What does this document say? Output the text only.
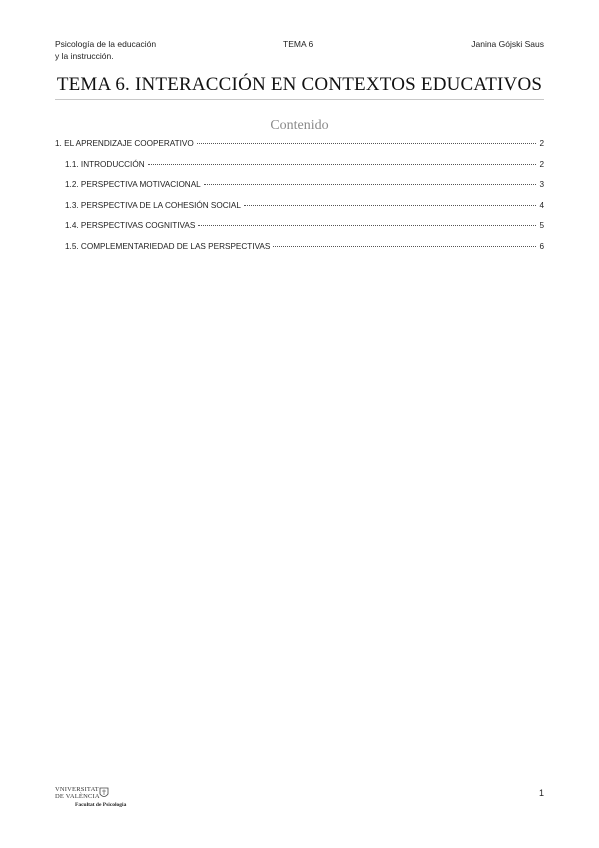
Psicología de la educación
y la instrucción.
TEMA 6	Janina Gójski Saus
TEMA 6. INTERACCIÓN EN CONTEXTOS EDUCATIVOS
Contenido
1. EL APRENDIZAJE COOPERATIVO	2
1.1. INTRODUCCIÓN	2
1.2. PERSPECTIVA MOTIVACIONAL	3
1.3. PERSPECTIVA DE LA COHESIÓN SOCIAL	4
1.4. PERSPECTIVAS COGNITIVAS	5
1.5. COMPLEMENTARIEDAD DE LAS PERSPECTIVAS	6
VNIVERSITAT
DE VALÈNCIA
Facultat de Psicologia
1
